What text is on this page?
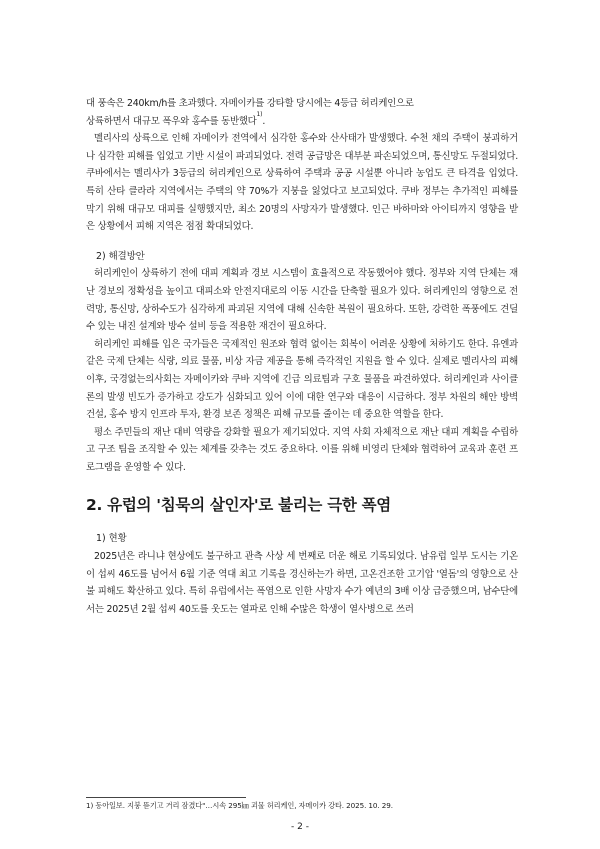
대 풍속은 240km/h를 초과했다. 자메이카를 강타할 당시에는 4등급 허리케인으로
상륙하면서 대규모 폭우와 홍수를 동반했다$^{1)}$.

멜리사의 상륙으로 인해 자메이카 전역에서 심각한 홍수와 산사태가 발생했다. 수천 채의 주택이 붕괴하거나 심각한 피해를 입었고 기반 시설이 파괴되었다. 전력 공급망은 대부분 파손되었으며, 통신망도 두절되었다. 쿠바에서는 멜리사가 3등급의 허리케인으로 상륙하여 주택과 공공 시설뿐 아니라 농업도 큰 타격을 입었다. 특히 산타 클라라 지역에서는 주택의 약 70%가 지붕을 잃었다고 보고되었다. 쿠바 정부는 추가적인 피해를 막기 위해 대규모 대피를 실행했지만, 최소 20명의 사망자가 발생했다. 인근 바하마와 아이티까지 영향을 받은 상황에서 피해 지역은 점점 확대되었다.

2) 해결방안

허리케인이 상륙하기 전에 대피 계획과 경보 시스템이 효율적으로 작동했어야 했다. 정부와 지역 단체는 재난 경보의 정확성을 높이고 대피소와 안전지대로의 이동 시간을 단축할 필요가 있다. 허리케인의 영향으로 전력망, 통신망, 상하수도가 심각하게 파괴된 지역에 대해 신속한 복원이 필요하다. 또한, 강력한 폭풍에도 견딜 수 있는 내진 설계와 방수 설비 등을 적용한 재건이 필요하다.

허리케인 피해를 입은 국가들은 국제적인 원조와 협력 없이는 회복이 어려운 상황에 처하기도 한다. 유엔과 같은 국제 단체는 식량, 의료 물품, 비상 자금 제공을 통해 즉각적인 지원을 할 수 있다. 실제로 멜리사의 피해 이후, 국경없는의사회는 자메이카와 쿠바 지역에 긴급 의료팀과 구호 물품을 파견하였다. 허리케인과 사이클론의 발생 빈도가 증가하고 강도가 심화되고 있어 이에 대한 연구와 대응이 시급하다. 정부 차원의 해안 방벽 건설, 홍수 방지 인프라 투자, 환경 보존 정책은 피해 규모를 줄이는 데 중요한 역할을 한다.

평소 주민들의 재난 대비 역량을 강화할 필요가 제기되었다. 지역 사회 자체적으로 재난 대피 계획을 수립하고 구조 팀을 조직할 수 있는 체계를 갖추는 것도 중요하다. 이를 위해 비영리 단체와 협력하여 교육과 훈련 프로그램을 운영할 수 있다.

2. 유럽의 '침묵의 살인자'로 불리는 극한 폭염

1) 현황

2025년은 라니냐 현상에도 불구하고 관측 사상 세 번째로 더운 해로 기록되었다. 남유럽 일부 도시는 기온이 섭씨 46도를 넘어서 6월 기준 역대 최고 기록을 경신하는가 하면, 고온건조한 고기압 '열돔'의 영향으로 산불 피해도 확산하고 있다. 특히 유럽에서는 폭염으로 인한 사망자 수가 예년의 3배 이상 급증했으며, 남수단에서는 2025년 2월 섭씨 40도를 웃도는 열파로 인해 수많은 학생이 열사병으로 쓰러

1) 동아일보. 지붕 뜯기고 거리 잠겼다"…시속 295㎞ 괴물 허리케인, 자메이카 강타. 2025. 10. 29.
- 2 -
